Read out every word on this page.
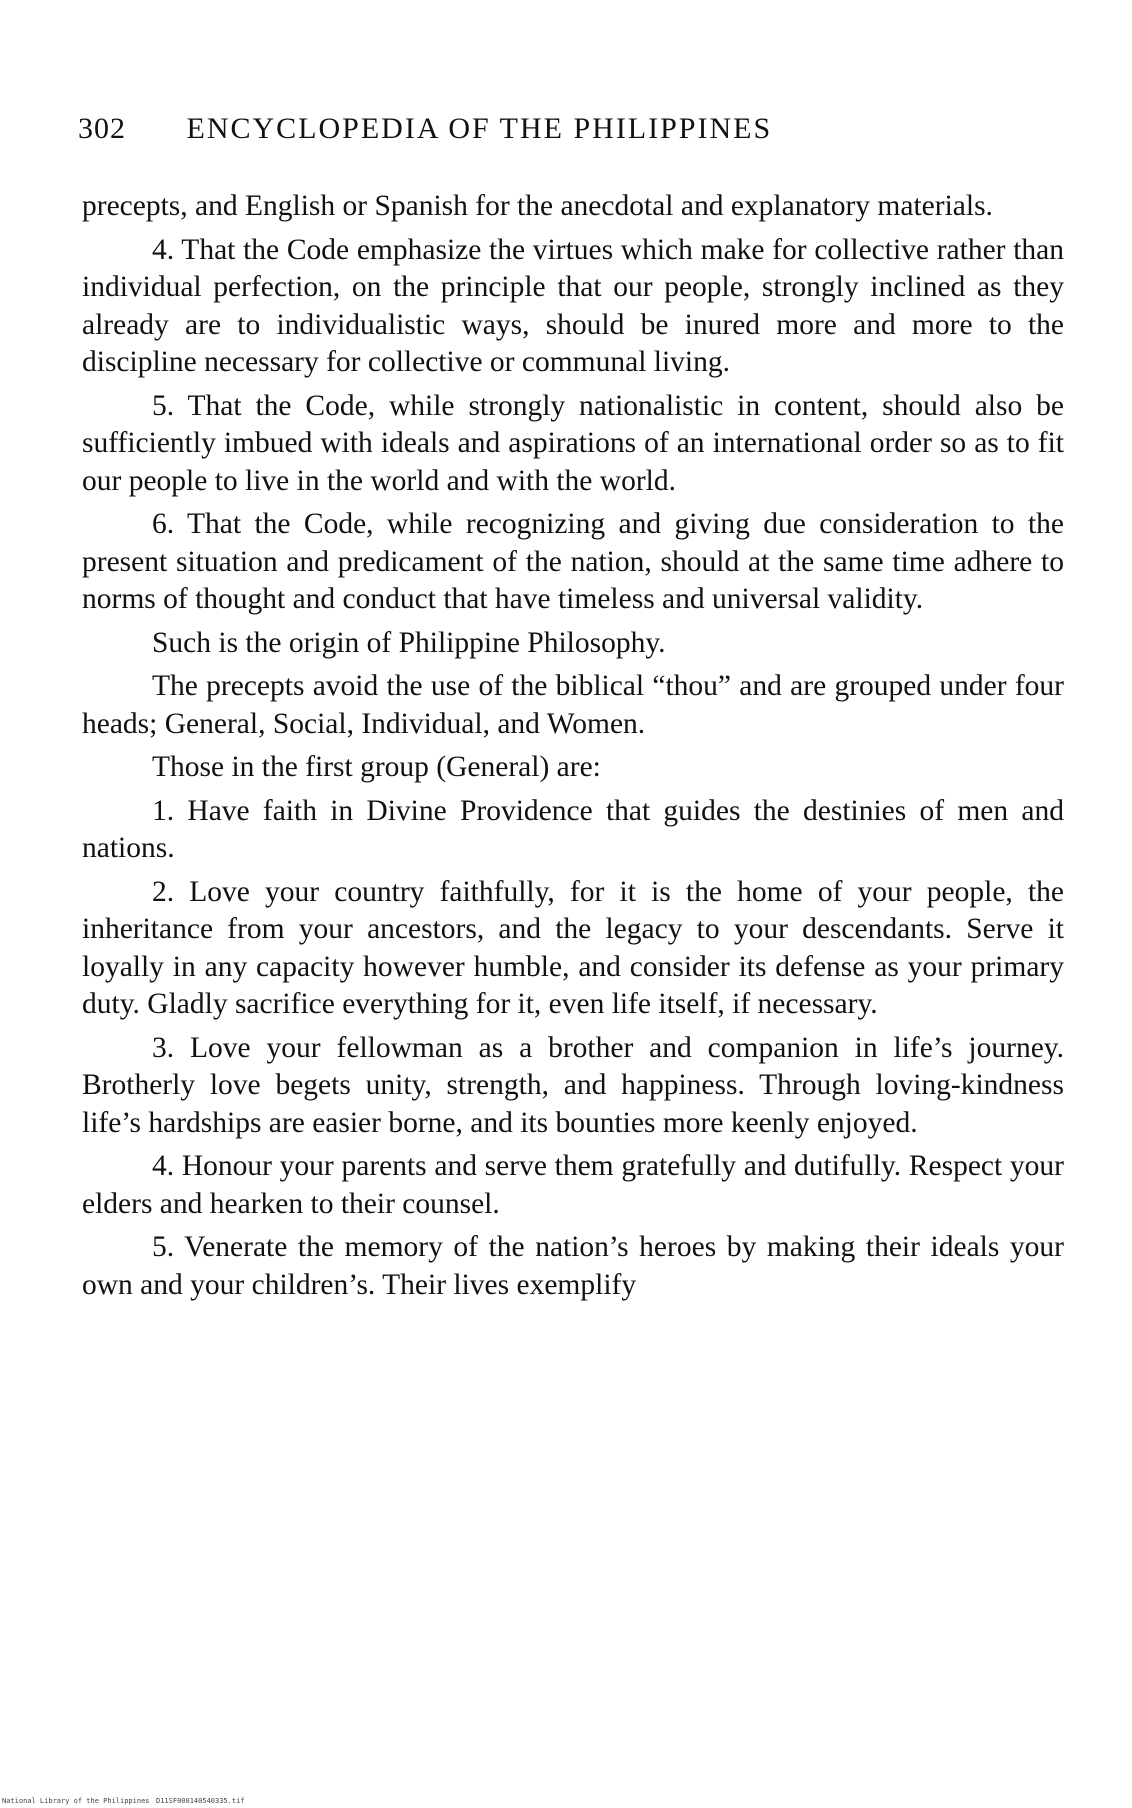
302 ENCYCLOPEDIA OF THE PHILIPPINES

precepts, and English or Spanish for the anecdotal and explanatory materials.

4. That the Code emphasize the virtues which make for collective rather than individual perfection, on the principle that our people, strongly inclined as they already are to individualistic ways, should be inured more and more to the discipline necessary for collective or communal living.

5. That the Code, while strongly nationalistic in content, should also be sufficiently imbued with ideals and aspirations of an international order so as to fit our people to live in the world and with the world.

6. That the Code, while recognizing and giving due consideration to the present situation and predicament of the nation, should at the same time adhere to norms of thought and conduct that have timeless and universal validity.

Such is the origin of Philippine Philosophy.

The precepts avoid the use of the biblical “thou” and are grouped under four heads; General, Social, Individual, and Women.

Those in the first group (General) are:

1. Have faith in Divine Providence that guides the destinies of men and nations.

2. Love your country faithfully, for it is the home of your people, the inheritance from your ancestors, and the legacy to your descendants. Serve it loyally in any capacity however humble, and consider its defense as your primary duty. Gladly sacrifice everything for it, even life itself, if necessary.

3. Love your fellowman as a brother and companion in life’s journey. Brotherly love begets unity, strength, and happiness. Through loving-kindness life’s hardships are easier borne, and its bounties more keenly enjoyed.

4. Honour your parents and serve them gratefully and dutifully. Respect your elders and hearken to their counsel.

5. Venerate the memory of the nation’s heroes by making their ideals your own and your children’s. Their lives exemplify

National Library of the Philippines D11SF000140540335.tif
